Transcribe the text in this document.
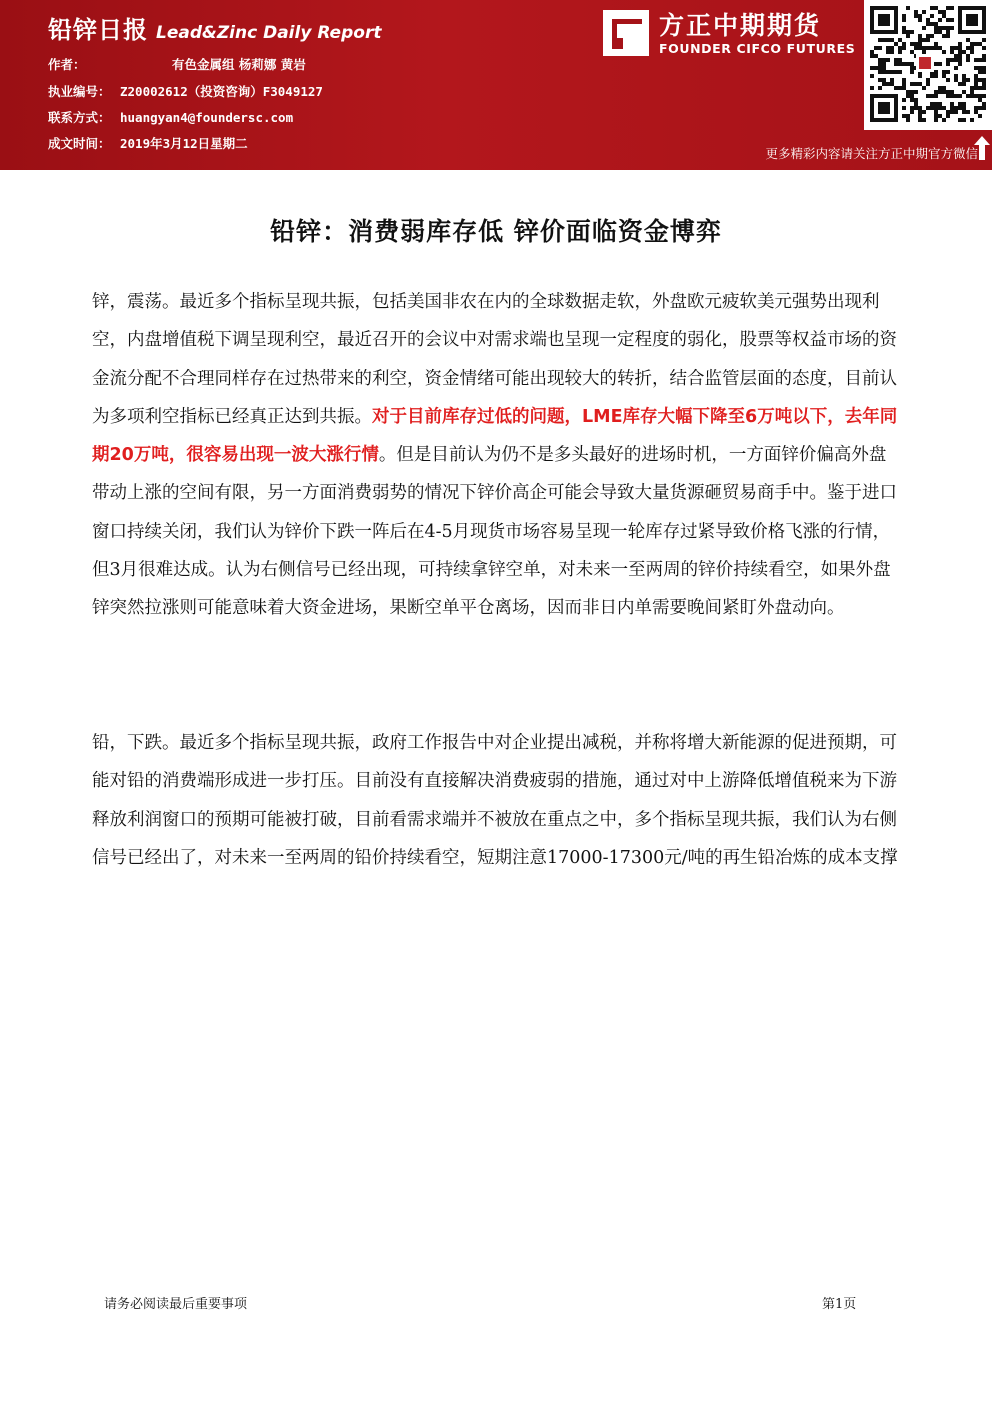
铅锌日报 Lead&Zinc Daily Report
作者：	有色金属组 杨莉娜 黄岩
执业编号： Z20002612（投资咨询）F3049127
联系方式： huangyan4@foundersc.com
成文时间： 2019年3月12日星期二
方正中期期货
FOUNDER CIFCO FUTURES
更多精彩内容请关注方正中期官方微信
铅锌：消费弱库存低 锌价面临资金博弈

锌，震荡。最近多个指标呈现共振，包括美国非农在内的全球数据走软，外盘欧元疲软美元强势出现利空，内盘增值税下调呈现利空，最近召开的会议中对需求端也呈现一定程度的弱化，股票等权益市场的资金流分配不合理同样存在过热带来的利空，资金情绪可能出现较大的转折，结合监管层面的态度，目前认为多项利空指标已经真正达到共振。对于目前库存过低的问题，LME库存大幅下降至6万吨以下，去年同期20万吨，很容易出现一波大涨行情。但是目前认为仍不是多头最好的进场时机，一方面锌价偏高外盘带动上涨的空间有限，另一方面消费弱势的情况下锌价高企可能会导致大量货源砸贸易商手中。鉴于进口窗口持续关闭，我们认为锌价下跌一阵后在4-5月现货市场容易呈现一轮库存过紧导致价格飞涨的行情，但3月很难达成。认为右侧信号已经出现，可持续拿锌空单，对未来一至两周的锌价持续看空，如果外盘锌突然拉涨则可能意味着大资金进场，果断空单平仓离场，因而非日内单需要晚间紧盯外盘动向。

铅，下跌。最近多个指标呈现共振，政府工作报告中对企业提出减税，并称将增大新能源的促进预期，可能对铅的消费端形成进一步打压。目前没有直接解决消费疲弱的措施，通过对中上游降低增值税来为下游释放利润窗口的预期可能被打破，目前看需求端并不被放在重点之中，多个指标呈现共振，我们认为右侧信号已经出了，对未来一至两周的铅价持续看空，短期注意17000-17300元/吨的再生铅冶炼的成本支撑

请务必阅读最后重要事项	第1页
